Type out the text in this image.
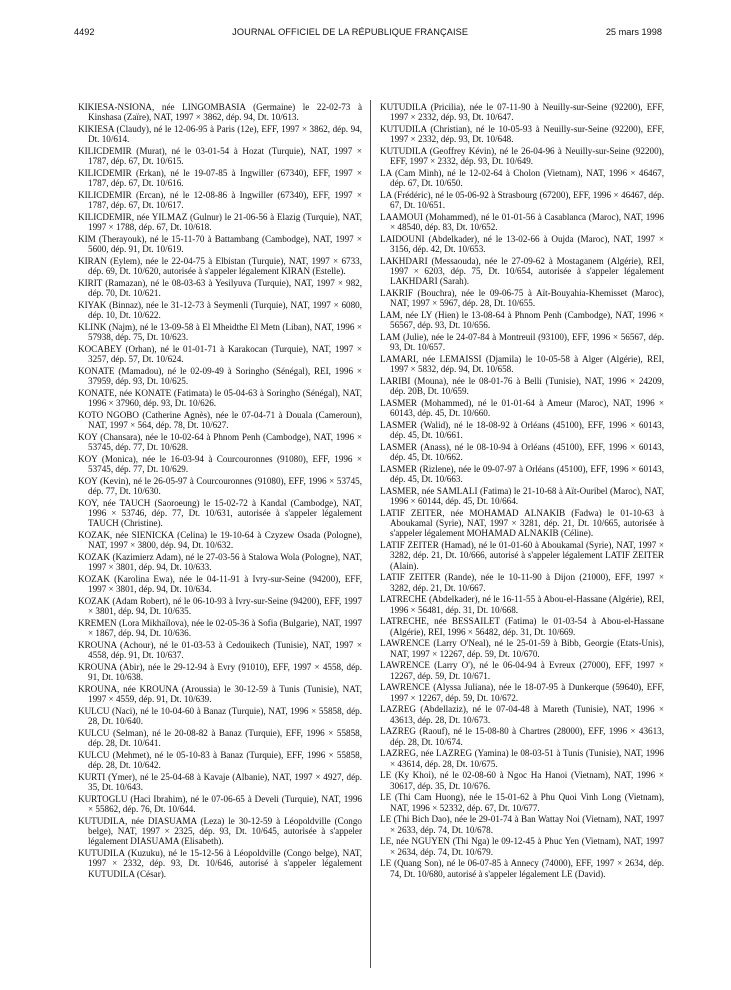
4492	JOURNAL OFFICIEL DE LA RÉPUBLIQUE FRANÇAISE	25 mars 1998

KIKIESA-NSIONA, née LINGOMBASIA (Germaine) le 22-02-73 à Kinshasa (Zaïre), NAT, 1997 × 3862, dép. 94, Dt. 10/613.

KIKIESA (Claudy), né le 12-06-95 à Paris (12e), EFF, 1997 × 3862, dép. 94, Dt. 10/614.

KILICDEMIR (Murat), né le 03-01-54 à Hozat (Turquie), NAT, 1997 × 1787, dép. 67, Dt. 10/615.

KILICDEMIR (Erkan), né le 19-07-85 à Ingwiller (67340), EFF, 1997 × 1787, dép. 67, Dt. 10/616.

KILICDEMIR (Ercan), né le 12-08-86 à Ingwiller (67340), EFF, 1997 × 1787, dép. 67, Dt. 10/617.

KILICDEMIR, née YILMAZ (Gulnur) le 21-06-56 à Elazig (Turquie), NAT, 1997 × 1788, dép. 67, Dt. 10/618.

KIM (Therayouk), né le 15-11-70 à Battambang (Cambodge), NAT, 1997 × 5600, dép. 91, Dt. 10/619.

KIRAN (Eylem), née le 22-04-75 à Elbistan (Turquie), NAT, 1997 × 6733, dép. 69, Dt. 10/620, autorisée à s'appeler légalement KIRAN (Estelle).

KIRIT (Ramazan), né le 08-03-63 à Yesilyuva (Turquie), NAT, 1997 × 982, dép. 70, Dt. 10/621.

KIYAK (Binnaz), née le 31-12-73 à Seymenli (Turquie), NAT, 1997 × 6080, dép. 10, Dt. 10/622.

KLINK (Najm), né le 13-09-58 à El Mheidthe El Metn (Liban), NAT, 1996 × 57938, dép. 75, Dt. 10/623.

KOCABEY (Orhan), né le 01-01-71 à Karakocan (Turquie), NAT, 1997 × 3257, dép. 57, Dt. 10/624.

KONATE (Mamadou), né le 02-09-49 à Soringho (Sénégal), REI, 1996 × 37959, dép. 93, Dt. 10/625.

KONATE, née KONATE (Fatimata) le 05-04-63 à Soringho (Sénégal), NAT, 1996 × 37960, dép. 93, Dt. 10/626.

KOTO NGOBO (Catherine Agnès), née le 07-04-71 à Douala (Cameroun), NAT, 1997 × 564, dép. 78, Dt. 10/627.

KOY (Chansara), née le 10-02-64 à Phnom Penh (Cambodge), NAT, 1996 × 53745, dép. 77, Dt. 10/628.

KOY (Monica), née le 16-03-94 à Courcouronnes (91080), EFF, 1996 × 53745, dép. 77, Dt. 10/629.

KOY (Kevin), né le 26-05-97 à Courcouronnes (91080), EFF, 1996 × 53745, dép. 77, Dt. 10/630.

KOY, née TAUCH (Saoroeung) le 15-02-72 à Kandal (Cambodge), NAT, 1996 × 53746, dép. 77, Dt. 10/631, autorisée à s'appeler légalement TAUCH (Christine).

KOZAK, née SIENICKA (Celina) le 19-10-64 à Czyzew Osada (Pologne), NAT, 1997 × 3800, dép. 94, Dt. 10/632.

KOZAK (Kazimierz Adam), né le 27-03-56 à Stalowa Wola (Pologne), NAT, 1997 × 3801, dép. 94, Dt. 10/633.

KOZAK (Karolina Ewa), née le 04-11-91 à Ivry-sur-Seine (94200), EFF, 1997 × 3801, dép. 94, Dt. 10/634.

KOZAK (Adam Robert), né le 06-10-93 à Ivry-sur-Seine (94200), EFF, 1997 × 3801, dép. 94, Dt. 10/635.

KREMEN (Lora Mikhaïlova), née le 02-05-36 à Sofia (Bulgarie), NAT, 1997 × 1867, dép. 94, Dt. 10/636.

KROUNA (Achour), né le 01-03-53 à Cedouikech (Tunisie), NAT, 1997 × 4558, dép. 91, Dt. 10/637.

KROUNA (Abir), née le 29-12-94 à Evry (91010), EFF, 1997 × 4558, dép. 91, Dt. 10/638.

KROUNA, née KROUNA (Aroussia) le 30-12-59 à Tunis (Tunisie), NAT, 1997 × 4559, dép. 91, Dt. 10/639.

KULCU (Naci), né le 10-04-60 à Banaz (Turquie), NAT, 1996 × 55858, dép. 28, Dt. 10/640.

KULCU (Selman), né le 20-08-82 à Banaz (Turquie), EFF, 1996 × 55858, dép. 28, Dt. 10/641.

KULCU (Mehmet), né le 05-10-83 à Banaz (Turquie), EFF, 1996 × 55858, dép. 28, Dt. 10/642.

KURTI (Ymer), né le 25-04-68 à Kavaje (Albanie), NAT, 1997 × 4927, dép. 35, Dt. 10/643.

KURTOGLU (Haci Ibrahim), né le 07-06-65 à Develi (Turquie), NAT, 1996 × 55862, dép. 76, Dt. 10/644.

KUTUDILA, née DIASUAMA (Leza) le 30-12-59 à Léopoldville (Congo belge), NAT, 1997 × 2325, dép. 93, Dt. 10/645, autorisée à s'appeler légalement DIASUAMA (Elisabeth).

KUTUDILA (Kuzuku), né le 15-12-56 à Léopoldville (Congo belge), NAT, 1997 × 2332, dép. 93, Dt. 10/646, autorisé à s'appeler légalement KUTUDILA (César).

KUTUDILA (Pricilia), née le 07-11-90 à Neuilly-sur-Seine (92200), EFF, 1997 × 2332, dép. 93, Dt. 10/647.

KUTUDILA (Christian), né le 10-05-93 à Neuilly-sur-Seine (92200), EFF, 1997 × 2332, dép. 93, Dt. 10/648.

KUTUDILA (Geoffrey Kévin), né le 26-04-96 à Neuilly-sur-Seine (92200), EFF, 1997 × 2332, dép. 93, Dt. 10/649.

LA (Cam Minh), né le 12-02-64 à Cholon (Vietnam), NAT, 1996 × 46467, dép. 67, Dt. 10/650.

LA (Frédéric), né le 05-06-92 à Strasbourg (67200), EFF, 1996 × 46467, dép. 67, Dt. 10/651.

LAAMOUI (Mohammed), né le 01-01-56 à Casablanca (Maroc), NAT, 1996 × 48540, dép. 83, Dt. 10/652.

LAIDOUNI (Abdelkader), né le 13-02-66 à Oujda (Maroc), NAT, 1997 × 3156, dép. 42, Dt. 10/653.

LAKHDARI (Messaouda), née le 27-09-62 à Mostaganem (Algérie), REI, 1997 × 6203, dép. 75, Dt. 10/654, autorisée à s'appeler légalement LAKHDARI (Sarah).

LAKRIF (Bouchra), née le 09-06-75 à Aït-Bouyahia-Khemisset (Maroc), NAT, 1997 × 5967, dép. 28, Dt. 10/655.

LAM, née LY (Hien) le 13-08-64 à Phnom Penh (Cambodge), NAT, 1996 × 56567, dép. 93, Dt. 10/656.

LAM (Julie), née le 24-07-84 à Montreuil (93100), EFF, 1996 × 56567, dép. 93, Dt. 10/657.

LAMARI, née LEMAISSI (Djamila) le 10-05-58 à Alger (Algérie), REI, 1997 × 5832, dép. 94, Dt. 10/658.

LARIBI (Mouna), née le 08-01-76 à Belli (Tunisie), NAT, 1996 × 24209, dép. 20B, Dt. 10/659.

LASMER (Mohammed), né le 01-01-64 à Ameur (Maroc), NAT, 1996 × 60143, dép. 45, Dt. 10/660.

LASMER (Walid), né le 18-08-92 à Orléans (45100), EFF, 1996 × 60143, dép. 45, Dt. 10/661.

LASMER (Anass), né le 08-10-94 à Orléans (45100), EFF, 1996 × 60143, dép. 45, Dt. 10/662.

LASMER (Rizlene), née le 09-07-97 à Orléans (45100), EFF, 1996 × 60143, dép. 45, Dt. 10/663.

LASMER, née SAMLALI (Fatima) le 21-10-68 à Aït-Ouribel (Maroc), NAT, 1996 × 60144, dép. 45, Dt. 10/664.

LATIF ZEITER, née MOHAMAD ALNAKIB (Fadwa) le 01-10-63 à Aboukamal (Syrie), NAT, 1997 × 3281, dép. 21, Dt. 10/665, autorisée à s'appeler légalement MOHAMAD ALNAKIB (Céline).

LATIF ZEITER (Hamad), né le 01-01-60 à Aboukamal (Syrie), NAT, 1997 × 3282, dép. 21, Dt. 10/666, autorisé à s'appeler légalement LATIF ZEITER (Alain).

LATIF ZEITER (Rande), née le 10-11-90 à Dijon (21000), EFF, 1997 × 3282, dép. 21, Dt. 10/667.

LATRECHE (Abdelkader), né le 16-11-55 à Abou-el-Hassane (Algérie), REI, 1996 × 56481, dép. 31, Dt. 10/668.

LATRECHE, née BESSAILET (Fatima) le 01-03-54 à Abou-el-Hassane (Algérie), REI, 1996 × 56482, dép. 31, Dt. 10/669.

LAWRENCE (Larry O'Neal), né le 25-01-59 à Bibb, Georgie (Etats-Unis), NAT, 1997 × 12267, dép. 59, Dt. 10/670.

LAWRENCE (Larry O'), né le 06-04-94 à Evreux (27000), EFF, 1997 × 12267, dép. 59, Dt. 10/671.

LAWRENCE (Alyssa Juliana), née le 18-07-95 à Dunkerque (59640), EFF, 1997 × 12267, dép. 59, Dt. 10/672.

LAZREG (Abdellaziz), né le 07-04-48 à Mareth (Tunisie), NAT, 1996 × 43613, dép. 28, Dt. 10/673.

LAZREG (Raouf), né le 15-08-80 à Chartres (28000), EFF, 1996 × 43613, dép. 28, Dt. 10/674.

LAZREG, née LAZREG (Yamina) le 08-03-51 à Tunis (Tunisie), NAT, 1996 × 43614, dép. 28, Dt. 10/675.

LE (Ky Khoi), né le 02-08-60 à Ngoc Ha Hanoi (Vietnam), NAT, 1996 × 30617, dép. 35, Dt. 10/676.

LE (Thi Cam Huong), née le 15-01-62 à Phu Quoi Vinh Long (Vietnam), NAT, 1996 × 52332, dép. 67, Dt. 10/677.

LE (Thi Bich Dao), née le 29-01-74 à Ban Wattay Noi (Vietnam), NAT, 1997 × 2633, dép. 74, Dt. 10/678.

LE, née NGUYEN (Thi Nga) le 09-12-45 à Phuc Yen (Vietnam), NAT, 1997 × 2634, dép. 74, Dt. 10/679.

LE (Quang Son), né le 06-07-85 à Annecy (74000), EFF, 1997 × 2634, dép. 74, Dt. 10/680, autorisé à s'appeler légalement LE (David).
